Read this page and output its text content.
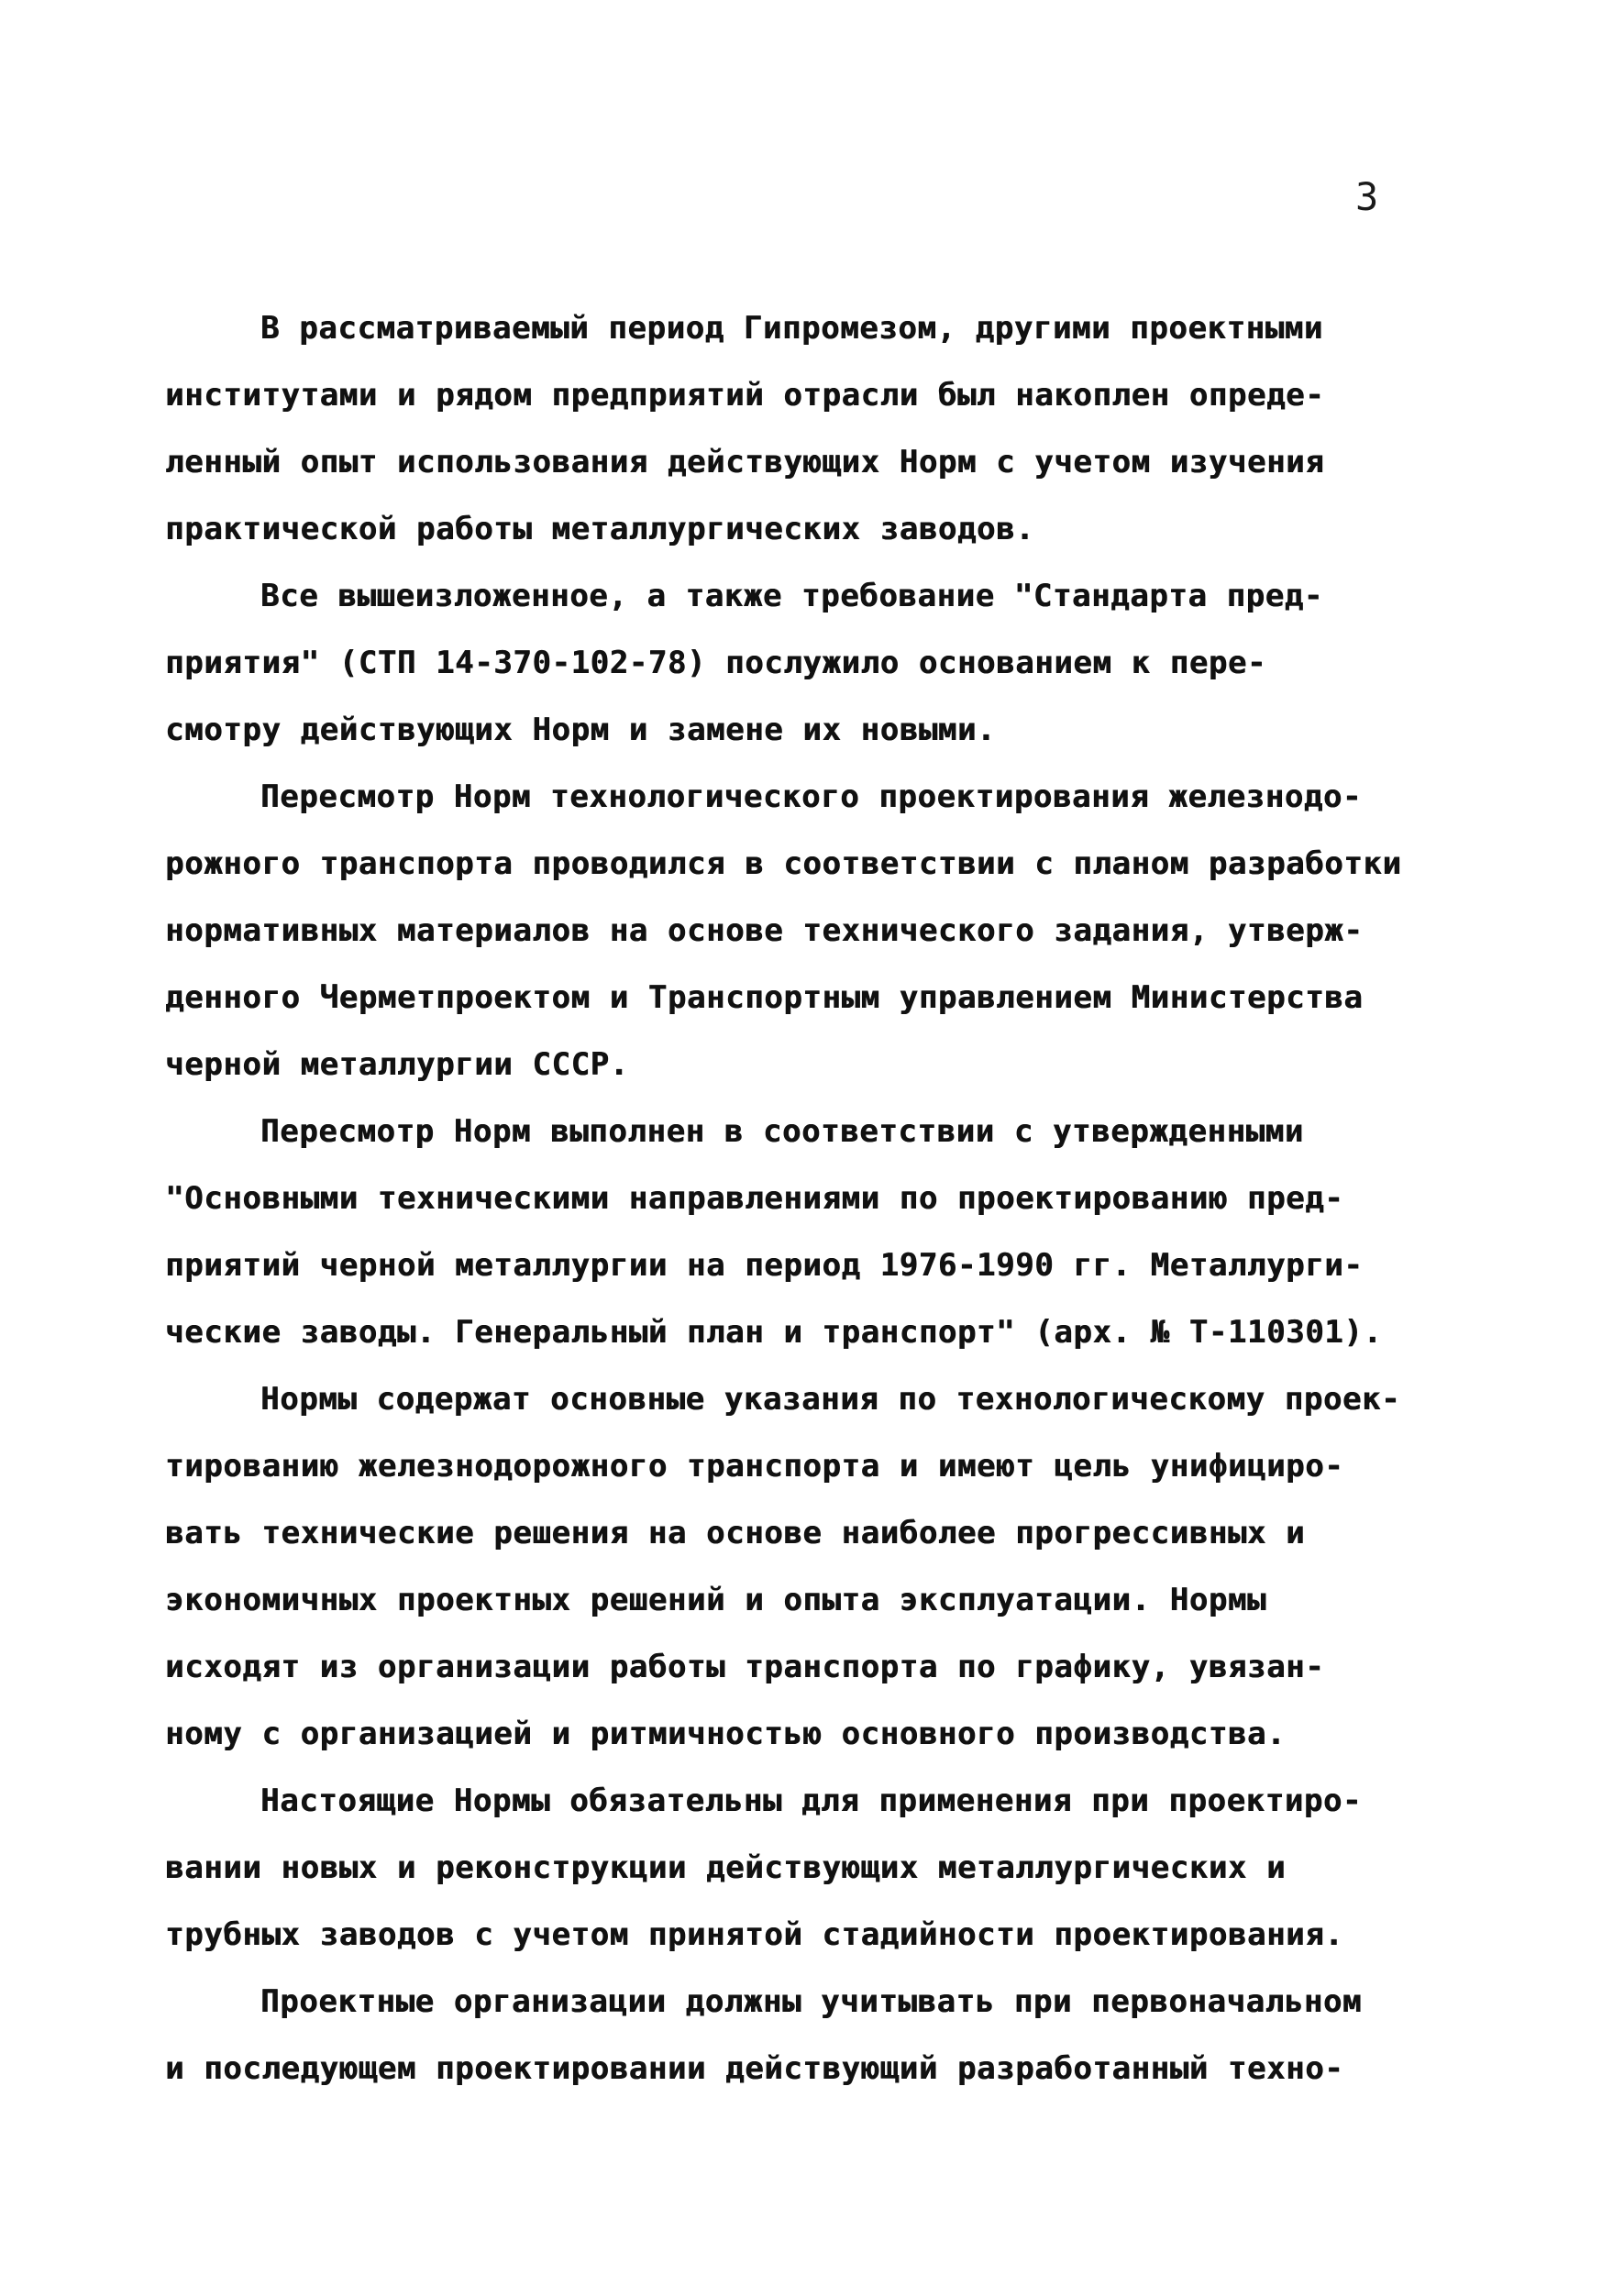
3
В рассматриваемый период Гипромезом, другими проектными
институтами и рядом предприятий отрасли был накоплен опреде-
ленный опыт использования действующих Норм с учетом изучения
практической работы металлургических заводов.
Все вышеизложенное, а также требование "Стандарта пред-
приятия" (СТП 14-370-102-78) послужило основанием к пере-
смотру действующих Норм и замене их новыми.
Пересмотр Норм технологического проектирования железнодо-
рожного транспорта проводился в соответствии с планом разработки
нормативных материалов на основе технического задания, утверж-
денного Черметпроектом и Транспортным управлением Министерства
черной металлургии СССР.
Пересмотр Норм выполнен в соответствии с утвержденными
"Основными техническими направлениями по проектированию пред-
приятий черной металлургии на период 1976-1990 гг. Металлурги-
ческие заводы. Генеральный план и транспорт" (арх. № Т-110301).
Нормы содержат основные указания по технологическому проек-
тированию железнодорожного транспорта и имеют цель унифициро-
вать технические решения на основе наиболее прогрессивных и
экономичных проектных решений и опыта эксплуатации. Нормы
исходят из организации работы транспорта по графику, увязан-
ному с организацией и ритмичностью основного производства.
Настоящие Нормы обязательны для применения при проектиро-
вании новых и реконструкции действующих металлургических и
трубных заводов с учетом принятой стадийности проектирования.
Проектные организации должны учитывать при первоначальном
и последующем проектировании действующий разработанный техно-
